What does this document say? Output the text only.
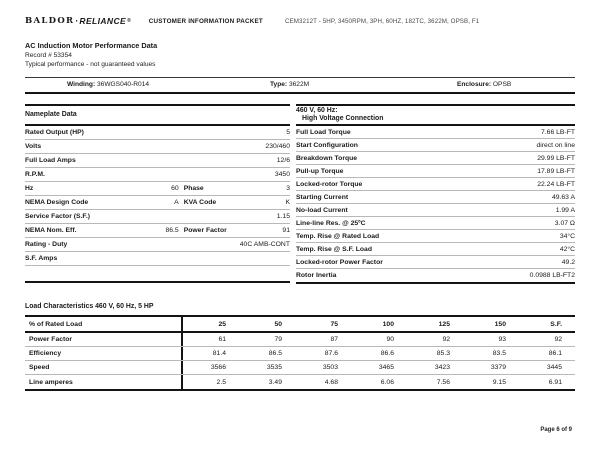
BALDOR · RELIANCE ®	CUSTOMER INFORMATION PACKET	CEM3212T - 5HP, 3450RPM, 3PH, 60HZ, 182TC, 3622M, OPSB, F1
AC Induction Motor Performance Data
Record # 53354
Typical performance - not guaranteed values
Winding: 36WGS040-R014	Type: 3622M	Enclosure: OPSB
Nameplate Data
Rated Output (HP)	5
Volts	230/460
Full Load Amps	12/6
R.P.M.	3450
Hz	60 Phase	3
NEMA Design Code	A KVA Code	K
Service Factor (S.F.)	1.15
NEMA Nom. Eff.	86.5 Power Factor	91
Rating - Duty	40C AMB-CONT
S.F. Amps
460 V, 60 Hz:
High Voltage Connection
Full Load Torque	7.66 LB-FT
Start Configuration	direct on line
Breakdown Torque	29.99 LB-FT
Pull-up Torque	17.89 LB-FT
Locked-rotor Torque	22.24 LB-FT
Starting Current	49.63 A
No-load Current	1.99 A
Line-line Res. @ 25ºC	3.07 Ω
Temp. Rise @ Rated Load	34°C
Temp. Rise @ S.F. Load	42°C
Locked-rotor Power Factor	49.2
Rotor Inertia	0.0988 LB-FT2
Load Characteristics 460 V, 60 Hz, 5 HP
% of Rated Load	25	50	75	100	125	150	S.F.
Power Factor	61	79	87	90	92	93	92
Efficiency	81.4	86.5	87.6	86.6	85.3	83.5	86.1
Speed	3566	3535	3503	3465	3423	3379	3445
Line amperes	2.5	3.49	4.68	6.06	7.56	9.15	6.91
Page 6 of 9
